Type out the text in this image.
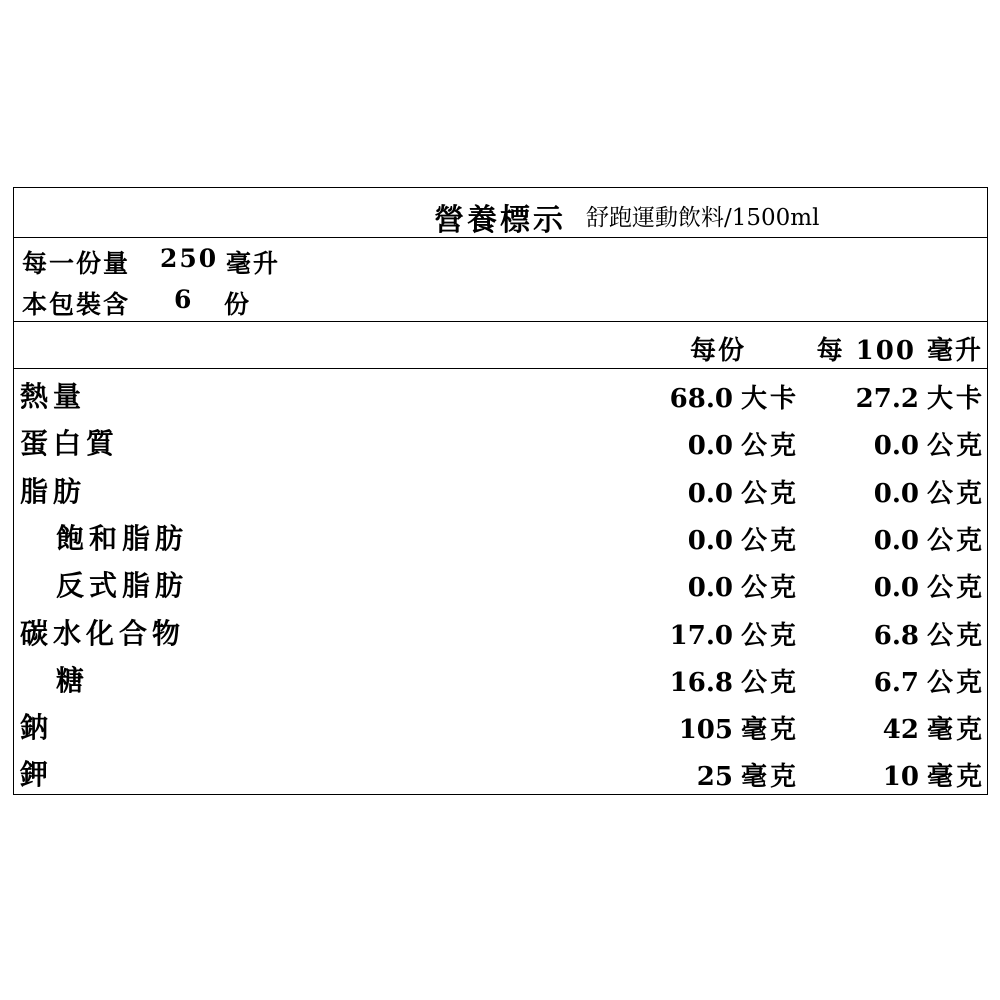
營養標示 舒跑運動飲料/1500ml
每一份量 250 毫升
本包裝含 6 份
每份	每 100 毫升
熱量	68.0 大卡 27.2 大卡
蛋白質	0.0 公克	0.0 公克
脂肪	0.0 公克	0.0 公克
飽和脂肪	0.0 公克	0.0 公克
反式脂肪	0.0 公克	0.0 公克
碳水化合物	17.0 公克	6.8 公克
糖	16.8 公克	6.7 公克
鈉	105 毫克	42 毫克
鉀	25 毫克	10 毫克
